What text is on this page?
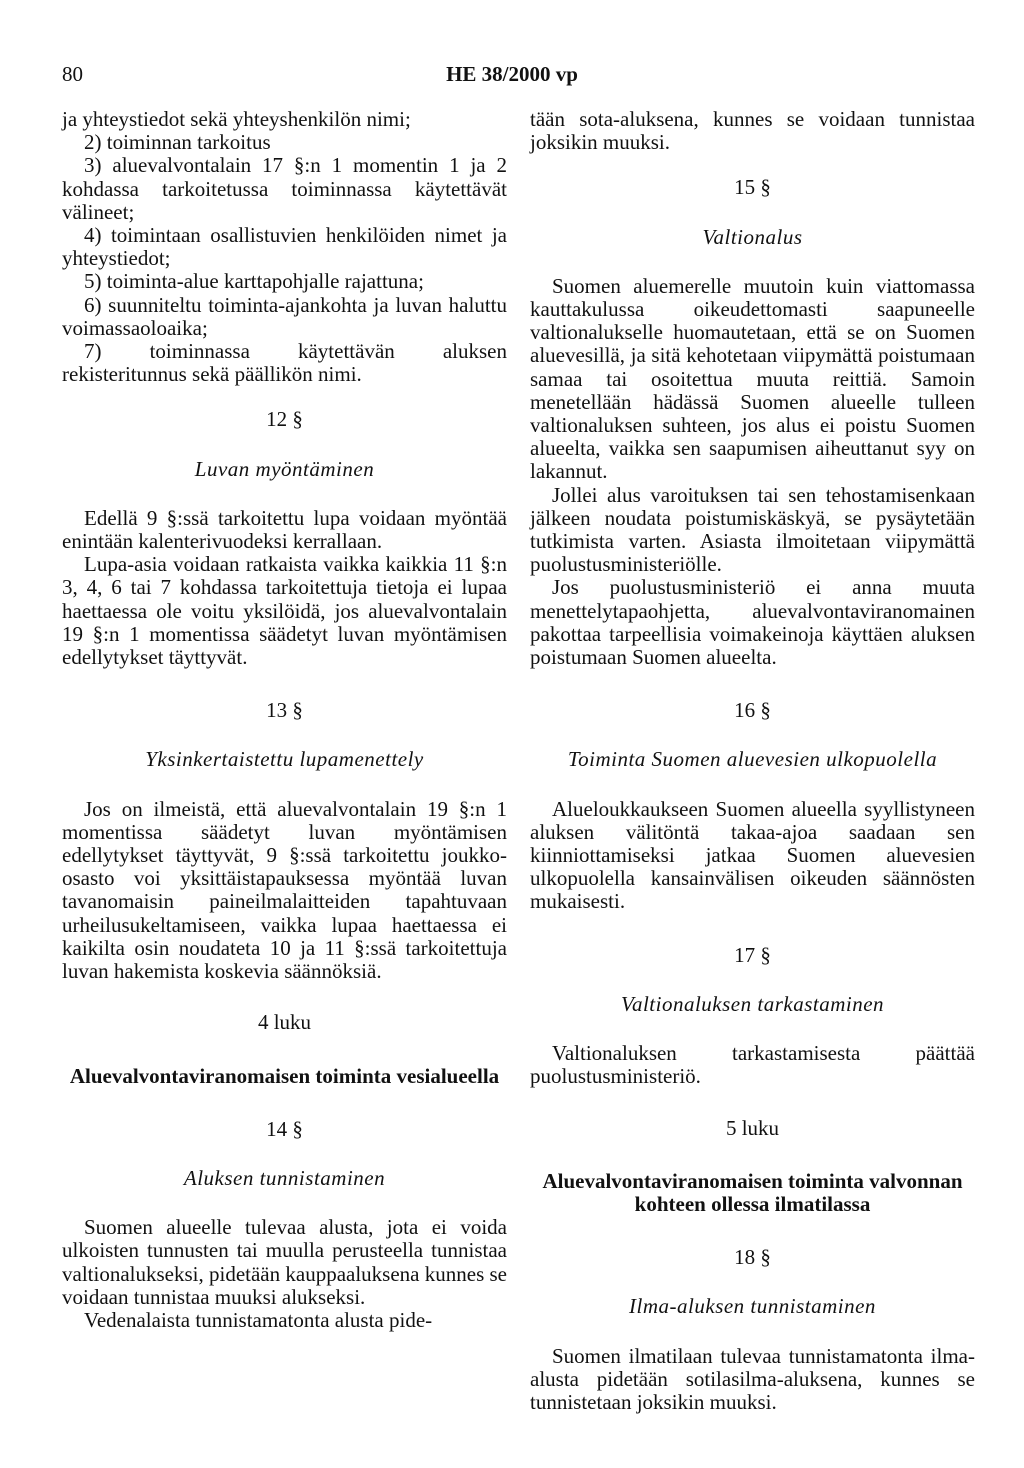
80	HE 38/2000 vp

ja yhteystiedot sekä yhteyshenkilön nimi;

2) toiminnan tarkoitus

3) aluevalvontalain 17 §:n 1 momentin 1 ja 2 kohdassa tarkoitetussa toiminnassa käytettävät välineet;

4) toimintaan osallistuvien henkilöiden nimet ja yhteystiedot;

5) toiminta-alue karttapohjalle rajattuna;

6) suunniteltu toiminta-ajankohta ja luvan haluttu voimassaoloaika;

7) toiminnassa käytettävän aluksen rekisteritunnus sekä päällikön nimi.

12 §
Luvan myöntäminen

Edellä 9 §:ssä tarkoitettu lupa voidaan myöntää enintään kalenterivuodeksi kerrallaan.

Lupa-asia voidaan ratkaista vaikka kaikkia 11 §:n 3, 4, 6 tai 7 kohdassa tarkoitettuja tietoja ei lupaa haettaessa ole voitu yksilöidä, jos aluevalvontalain 19 §:n 1 momentissa säädetyt luvan myöntämisen edellytykset täyttyvät.

13 §
Yksinkertaistettu lupamenettely

Jos on ilmeistä, että aluevalvontalain 19 §:n 1 momentissa säädetyt luvan myöntämisen edellytykset täyttyvät, 9 §:ssä tarkoitettu joukko-osasto voi yksittäistapauksessa myöntää luvan tavanomaisin paineilmalaitteiden tapahtuvaan urheilusukeltamiseen, vaikka lupaa haettaessa ei kaikilta osin noudateta 10 ja 11 §:ssä tarkoitettuja luvan hakemista koskevia säännöksiä.

4 luku
Aluevalvontaviranomaisen toiminta vesialueella
14 §
Aluksen tunnistaminen

Suomen alueelle tulevaa alusta, jota ei voida ulkoisten tunnusten tai muulla perusteella tunnistaa valtionalukseksi, pidetään kauppaaluksena kunnes se voidaan tunnistaa muuksi alukseksi.

Vedenalaista tunnistamatonta alusta pide-

tään sota-aluksena, kunnes se voidaan tunnistaa joksikin muuksi.

15 §
Valtionalus

Suomen aluemerelle muutoin kuin viattomassa kauttakulussa oikeudettomasti saapuneelle valtionalukselle huomautetaan, että se on Suomen aluevesillä, ja sitä kehotetaan viipymättä poistumaan samaa tai osoitettua muuta reittiä. Samoin menetellään hädässä Suomen alueelle tulleen valtionaluksen suhteen, jos alus ei poistu Suomen alueelta, vaikka sen saapumisen aiheuttanut syy on lakannut.

Jollei alus varoituksen tai sen tehostamisenkaan jälkeen noudata poistumiskäskyä, se pysäytetään tutkimista varten. Asiasta ilmoitetaan viipymättä puolustusministeriölle.

Jos puolustusministeriö ei anna muuta menettelytapaohjetta, aluevalvontaviranomainen pakottaa tarpeellisia voimakeinoja käyttäen aluksen poistumaan Suomen alueelta.

16 §
Toiminta Suomen aluevesien ulkopuolella

Alueloukkaukseen Suomen alueella syyllistyneen aluksen välitöntä takaa-ajoa saadaan sen kiinniottamiseksi jatkaa Suomen aluevesien ulkopuolella kansainvälisen oikeuden säännösten mukaisesti.

17 §
Valtionaluksen tarkastaminen

Valtionaluksen tarkastamisesta päättää puolustusministeriö.

5 luku
Aluevalvontaviranomaisen toiminta valvonnan kohteen ollessa ilmatilassa
18 §
Ilma-aluksen tunnistaminen

Suomen ilmatilaan tulevaa tunnistamatonta ilma-alusta pidetään sotilasilma-aluksena, kunnes se tunnistetaan joksikin muuksi.
